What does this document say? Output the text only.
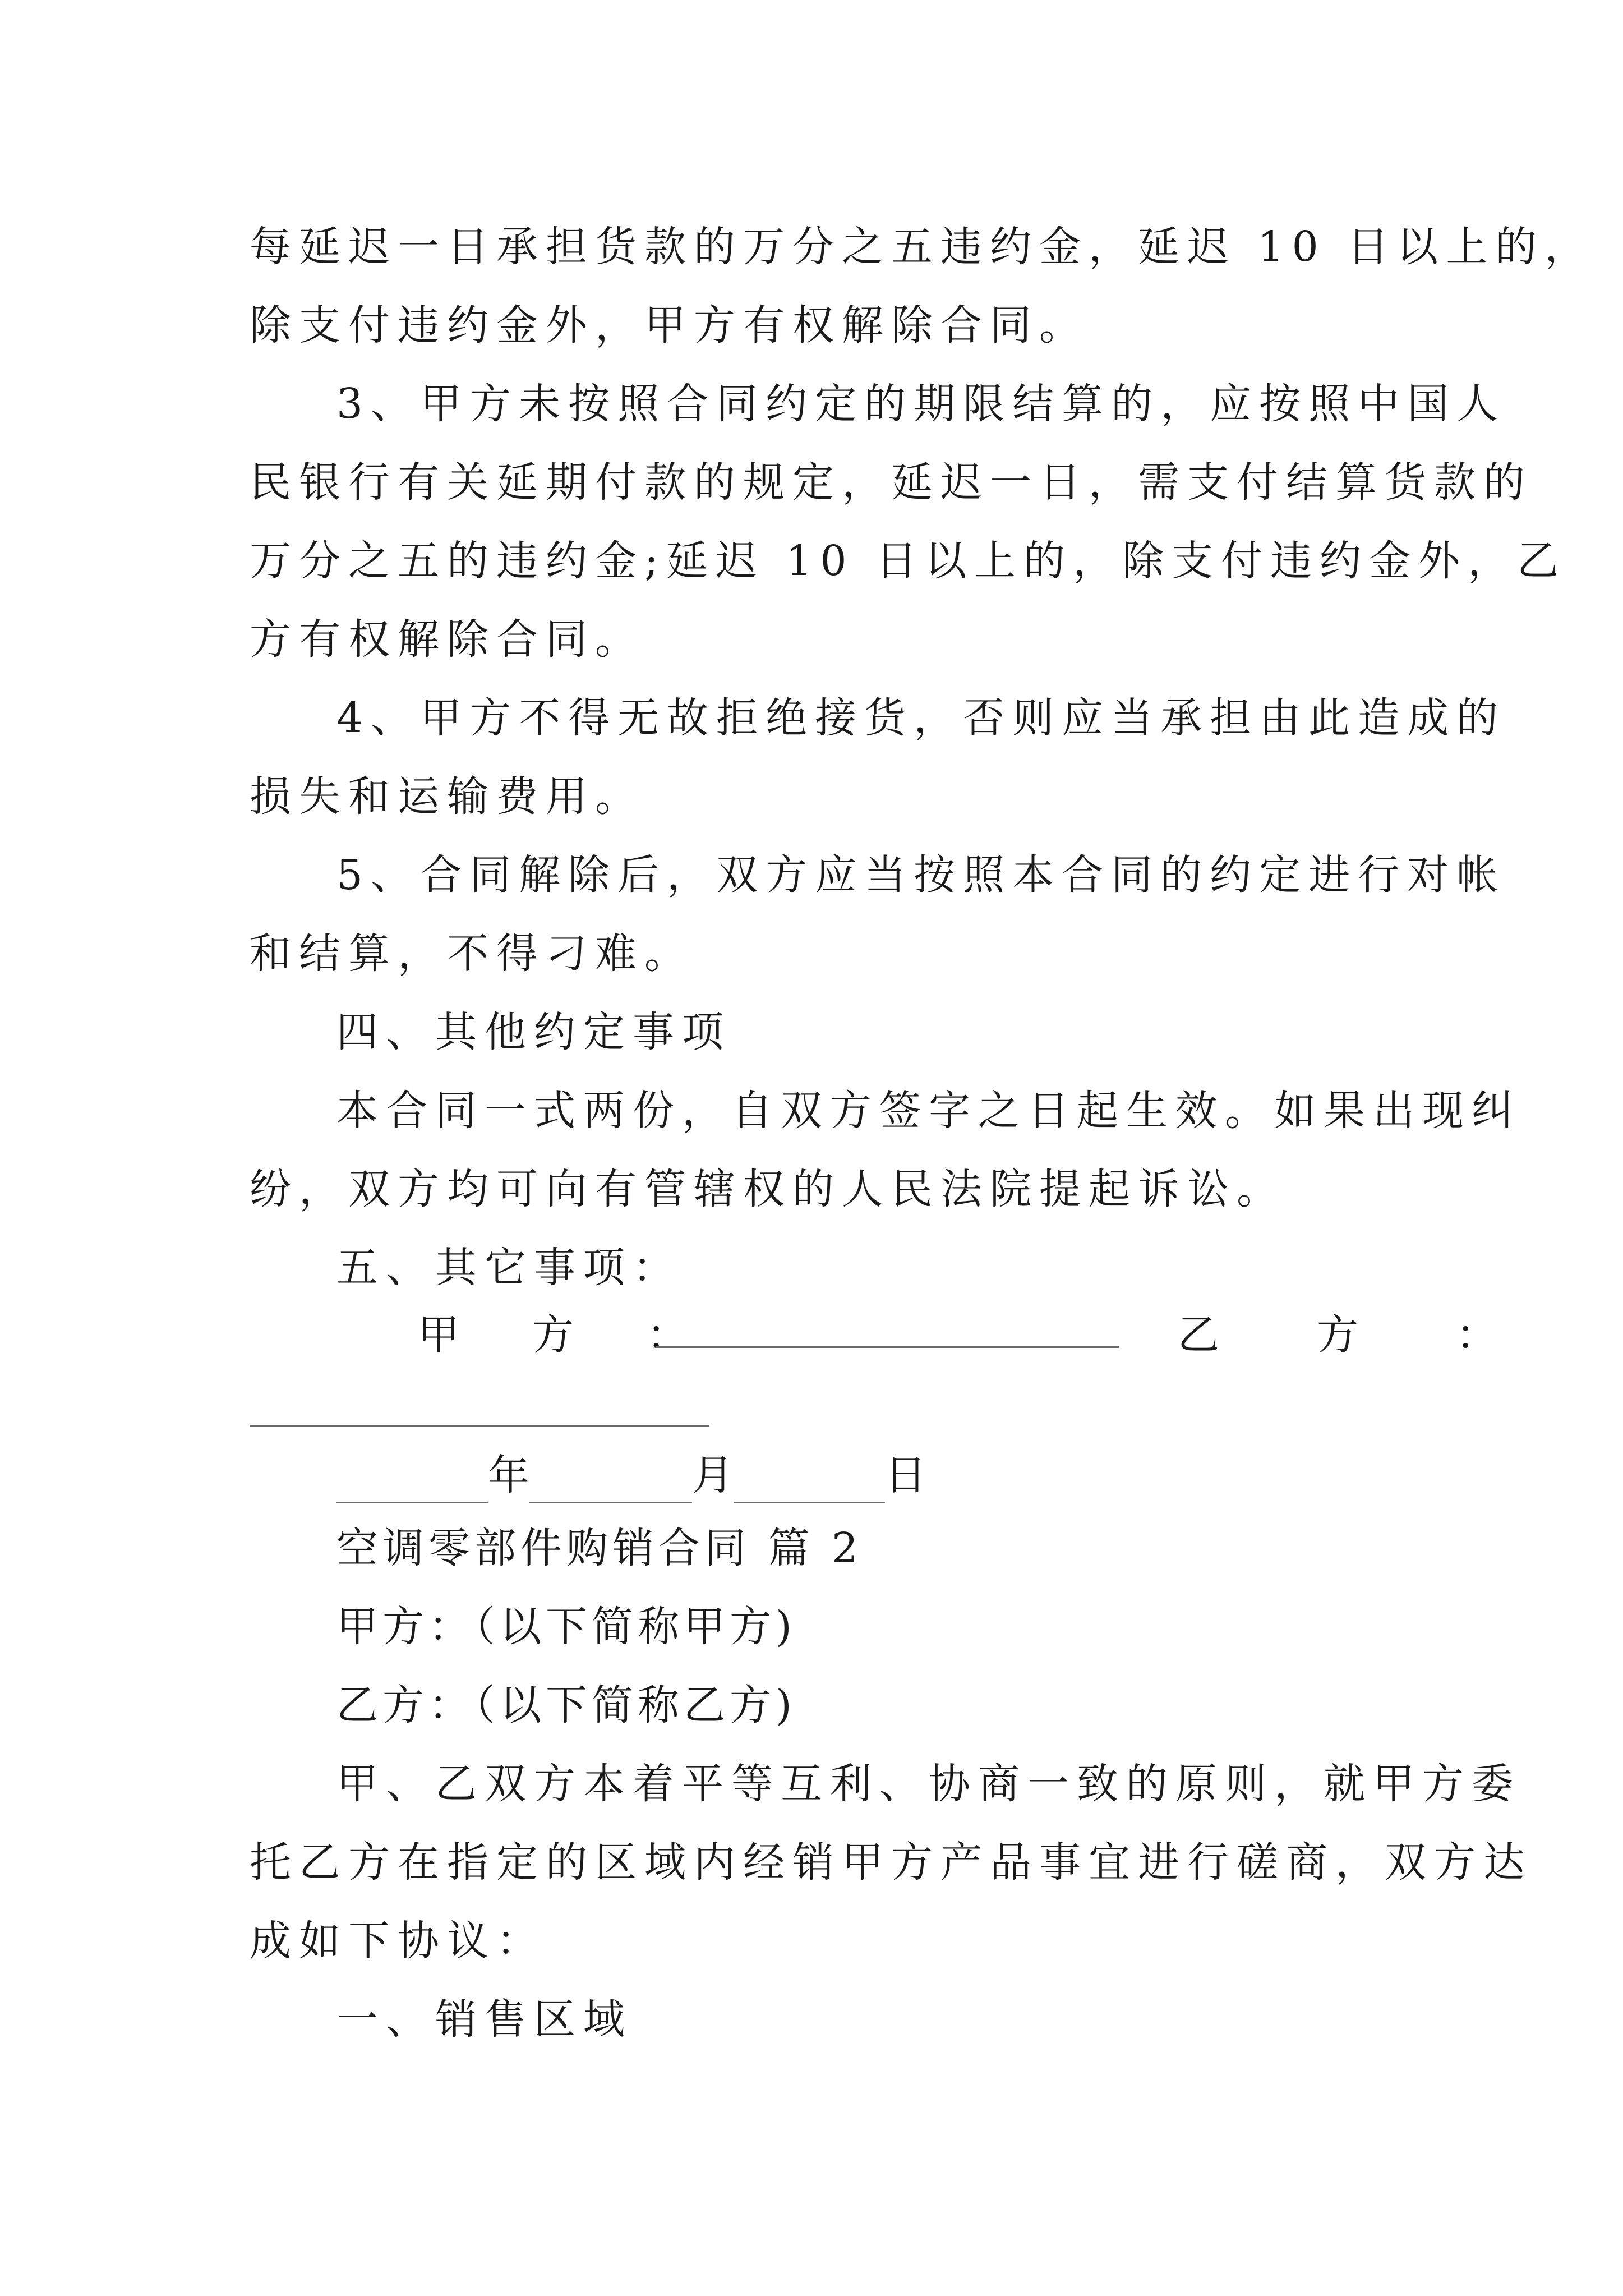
每延迟一日承担货款的万分之五违约金，延迟 10 日以上的，
除支付违约金外，甲方有权解除合同。
3、甲方未按照合同约定的期限结算的，应按照中国人
民银行有关延期付款的规定，延迟一日，需支付结算货款的
万分之五的违约金;延迟 10 日以上的，除支付违约金外，乙
方有权解除合同。
4、甲方不得无故拒绝接货，否则应当承担由此造成的
损失和运输费用。
5、合同解除后，双方应当按照本合同的约定进行对帐
和结算，不得刁难。
四、其他约定事项
本合同一式两份，自双方签字之日起生效。如果出现纠
纷，双方均可向有管辖权的人民法院提起诉讼。
五、其它事项：
甲　方　：	乙　方　：
年	月	日
空调零部件购销合同 篇 2
甲方：（以下简称甲方)
乙方：（以下简称乙方)
甲、乙双方本着平等互利、协商一致的原则，就甲方委
托乙方在指定的区域内经销甲方产品事宜进行磋商，双方达
成如下协议：
一、销售区域
